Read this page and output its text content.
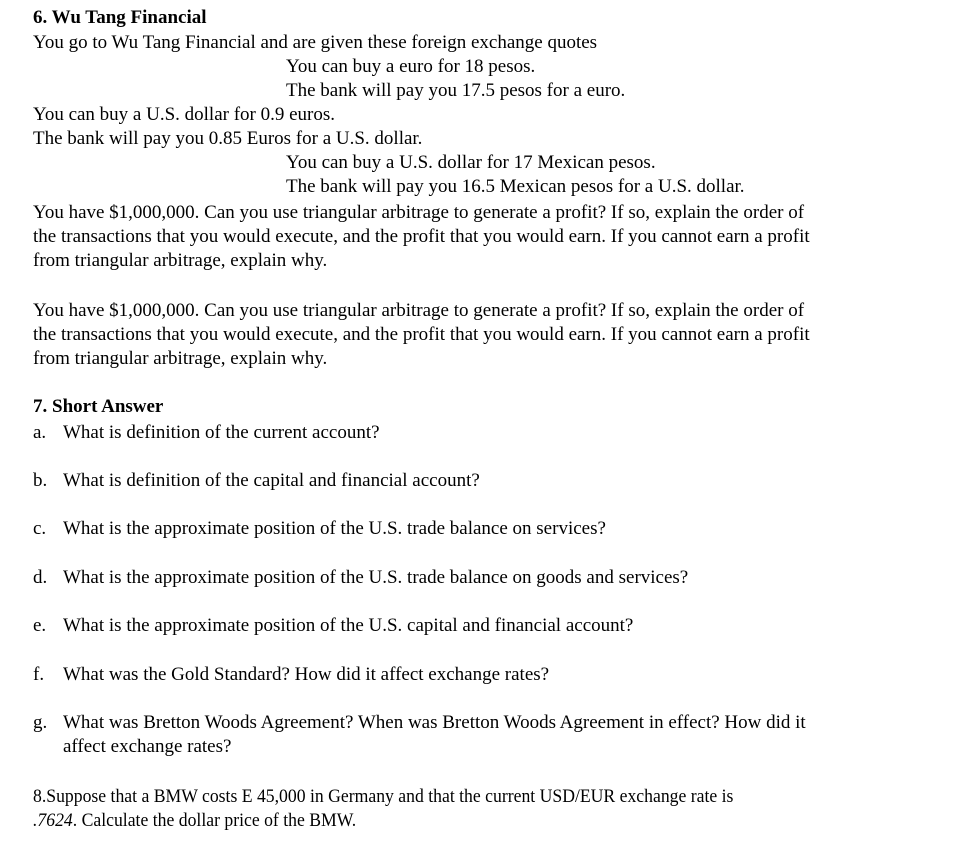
6. Wu Tang Financial
You go to Wu Tang Financial and are given these foreign exchange quotes
You can buy a euro for 18 pesos.
The bank will pay you 17.5 pesos for a euro.
You can buy a U.S. dollar for 0.9 euros.
The bank will pay you 0.85 Euros for a U.S. dollar.
You can buy a U.S. dollar for 17 Mexican pesos.
The bank will pay you 16.5 Mexican pesos for a U.S. dollar.
You have $1,000,000. Can you use triangular arbitrage to generate a profit? If so, explain the order of
the transactions that you would execute, and the profit that you would earn. If you cannot earn a profit
from triangular arbitrage, explain why.
You have $1,000,000. Can you use triangular arbitrage to generate a profit? If so, explain the order of
the transactions that you would execute, and the profit that you would earn. If you cannot earn a profit
from triangular arbitrage, explain why.
7. Short Answer
a. What is definition of the current account?
b. What is definition of the capital and financial account?
c. What is the approximate position of the U.S. trade balance on services?
d. What is the approximate position of the U.S. trade balance on goods and services?
e. What is the approximate position of the U.S. capital and financial account?
f. What was the Gold Standard? How did it affect exchange rates?
g. What was Bretton Woods Agreement? When was Bretton Woods Agreement in effect? How did it
affect exchange rates?
8.Suppose that a BMW costs E 45,000 in Germany and that the current USD/EUR exchange rate is
.7624. Calculate the dollar price of the BMW.
